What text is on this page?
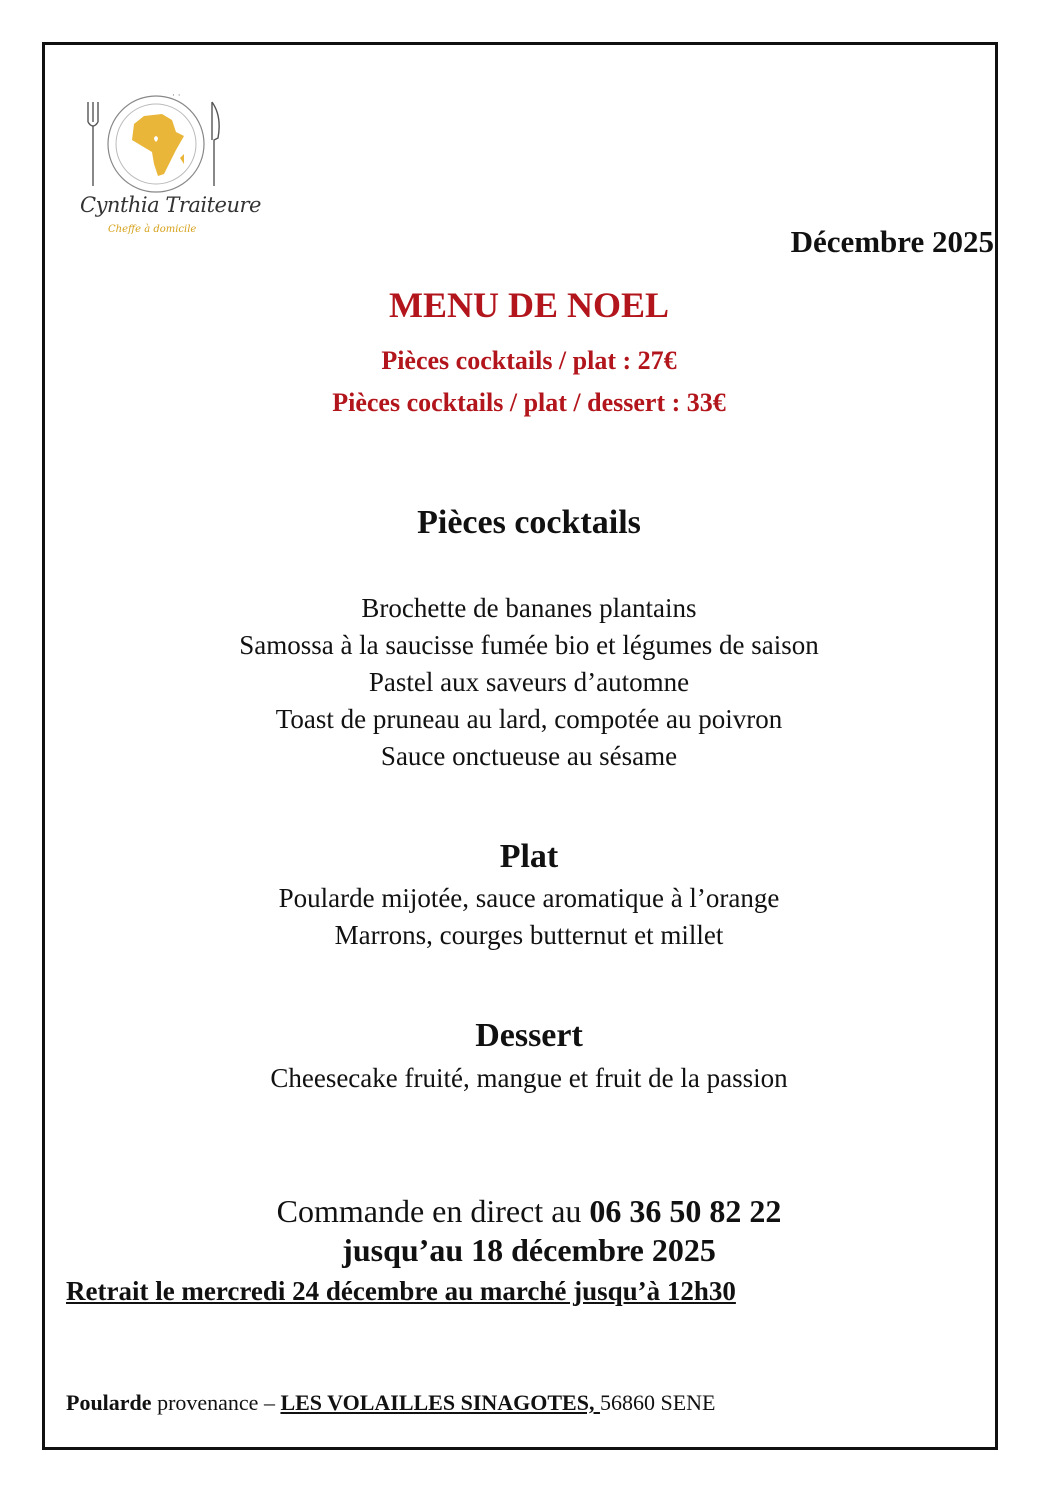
· ·
Cynthia Traiteure
Cheffe à domicile	Décembre 2025
MENU DE NOEL
Pièces cocktails / plat : 27€
Pièces cocktails / plat / dessert : 33€
Pièces cocktails
Brochette de bananes plantains
Samossa à la saucisse fumée bio et légumes de saison
Pastel aux saveurs d’automne
Toast de pruneau au lard, compotée au poivron
Sauce onctueuse au sésame
Plat
Poularde mijotée, sauce aromatique à l’orange
Marrons, courges butternut et millet
Dessert
Cheesecake fruité, mangue et fruit de la passion
Commande en direct au 06 36 50 82 22
jusqu’au 18 décembre 2025
Retrait le mercredi 24 décembre au marché jusqu’à 12h30
Poularde provenance – LES VOLAILLES SINAGOTES, 56860 SENE
